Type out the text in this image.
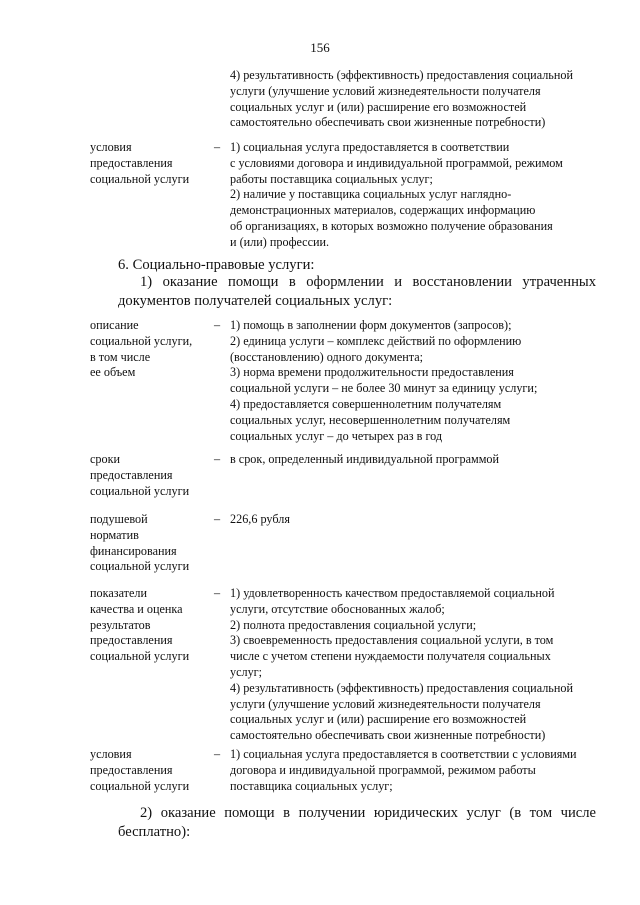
156
4) результативность (эффективность) предоставления социальной
услуги (улучшение условий жизнедеятельности получателя
социальных услуг и (или) расширение его возможностей
самостоятельно обеспечивать свои жизненные потребности)
условия
предоставления
социальной услуги
– 1) социальная услуга предоставляется в соответствии
с условиями договора и индивидуальной программой, режимом
работы поставщика социальных услуг;
2) наличие у поставщика социальных услуг наглядно-
демонстрационных материалов, содержащих информацию
об организациях, в которых возможно получение образования
и (или) профессии.
6. Социально-правовые услуги:
1) оказание помощи в оформлении и восстановлении утраченных документов получателей социальных услуг:
описание
социальной услуги,
в том числе
ее объем
– 1) помощь в заполнении форм документов (запросов);
2) единица услуги – комплекс действий по оформлению
(восстановлению) одного документа;
3) норма времени продолжительности предоставления
социальной услуги – не более 30 минут за единицу услуги;
4) предоставляется совершеннолетним получателям
социальных услуг, несовершеннолетним получателям
социальных услуг – до четырех раз в год
сроки
предоставления
социальной услуги
– в срок, определенный индивидуальной программой
подушевой
норматив
финансирования
социальной услуги
– 226,6 рубля
показатели
качества и оценка
результатов
предоставления
социальной услуги
– 1) удовлетворенность качеством предоставляемой социальной
услуги, отсутствие обоснованных жалоб;
2) полнота предоставления социальной услуги;
3) своевременность предоставления социальной услуги, в том
числе с учетом степени нуждаемости получателя социальных
услуг;
4) результативность (эффективность) предоставления социальной
услуги (улучшение условий жизнедеятельности получателя
социальных услуг и (или) расширение его возможностей
самостоятельно обеспечивать свои жизненные потребности)
условия
предоставления
социальной услуги
– 1) социальная услуга предоставляется в соответствии с условиями договора и индивидуальной программой, режимом работы поставщика социальных услуг;
2) оказание помощи в получении юридических услуг (в том числе бесплатно):
